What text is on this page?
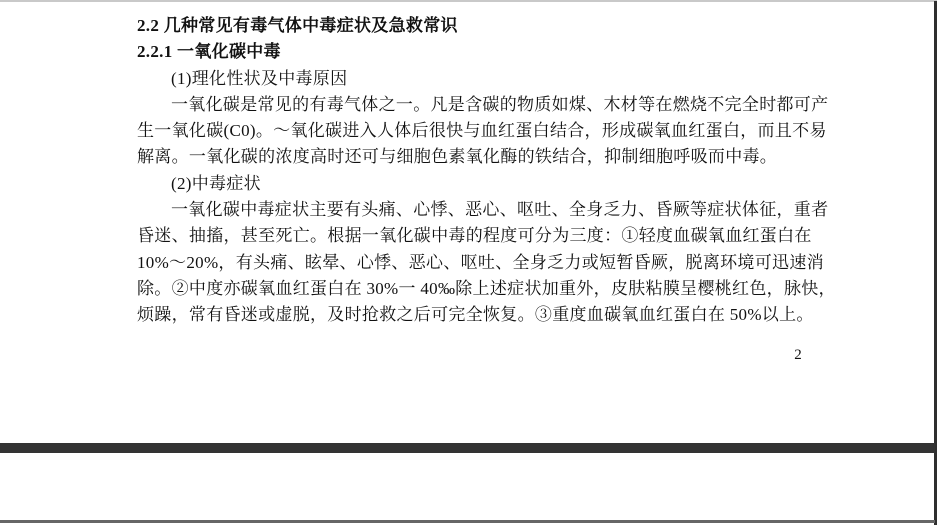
2.2 几种常见有毒气体中毒症状及急救常识
2.2.1 一氧化碳中毒
(1)理化性状及中毒原因
一氧化碳是常见的有毒气体之一。凡是含碳的物质如煤、木材等在燃烧不完全时都可产
生一氧化碳(C0)。～氧化碳进入人体后很快与血红蛋白结合，形成碳氧血红蛋白，而且不易
解离。一氧化碳的浓度高时还可与细胞色素氧化酶的铁结合，抑制细胞呼吸而中毒。
(2)中毒症状
一氧化碳中毒症状主要有头痛、心悸、恶心、呕吐、全身乏力、昏厥等症状体征，重者
昏迷、抽搐，甚至死亡。根据一氧化碳中毒的程度可分为三度：①轻度血碳氧血红蛋白在
10%～20%，有头痛、眩晕、心悸、恶心、呕吐、全身乏力或短暂昏厥，脱离环境可迅速消
除。②中度亦碳氧血红蛋白在 30%一 40‰除上述症状加重外，皮肤粘膜呈樱桃红色，脉快，
烦躁，常有昏迷或虚脱，及时抢救之后可完全恢复。③重度血碳氧血红蛋白在 50%以上。
2
